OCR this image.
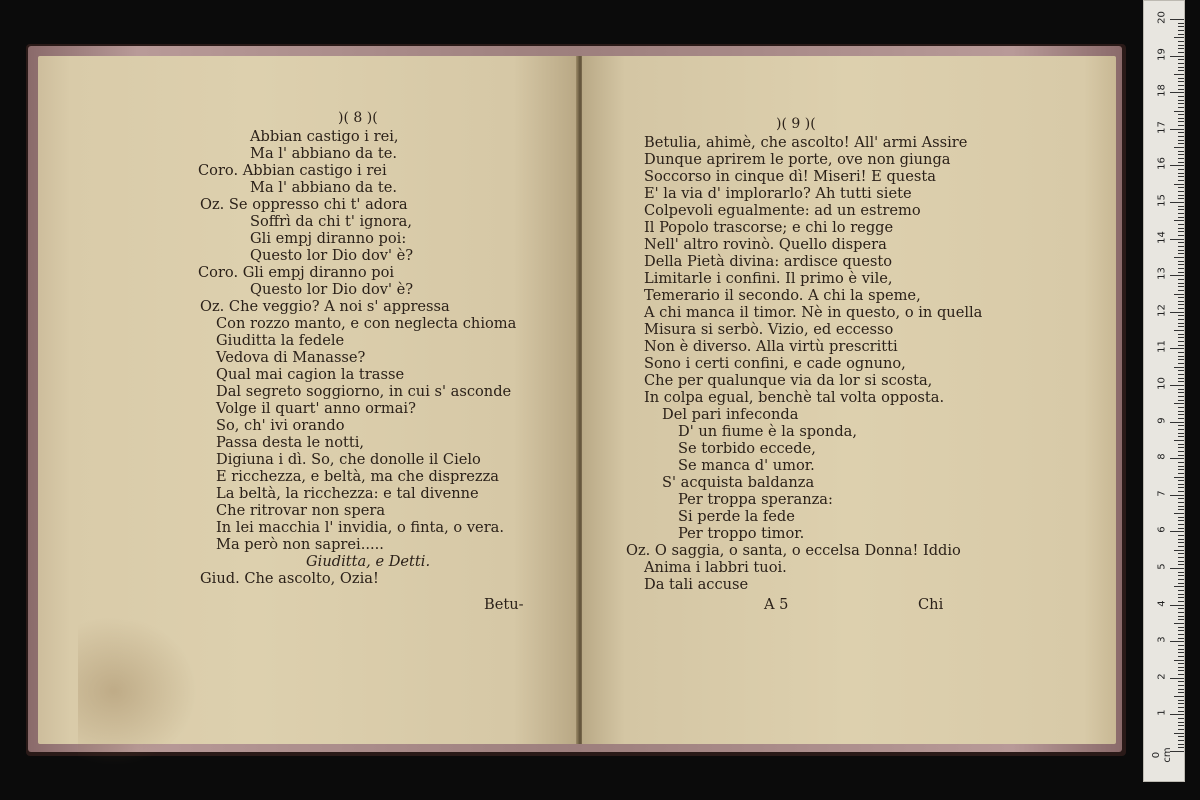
)( 8 )(
Abbian castigo i rei,
Ma l' abbiano da te.
Coro. Abbian castigo i rei
Ma l' abbiano da te.
Oz. Se oppresso chi t' adora
Soffrì da chi t' ignora,
Gli empj diranno poi:
Questo lor Dio dov' è?
Coro. Gli empj diranno poi
Questo lor Dio dov' è?
Oz. Che veggio? A noi s' appressa
Con rozzo manto, e con neglecta chioma
Giuditta la fedele
Vedova di Manasse?
Qual mai cagion la trasse
Dal segreto soggiorno, in cui s' asconde
Volge il quart' anno ormai?
So, ch' ivi orando
Passa desta le notti,
Digiuna i dì. So, che donolle il Cielo
E ricchezza, e beltà, ma che disprezza
La beltà, la ricchezza: e tal divenne
Che ritrovar non spera
In lei macchia l' invidia, o finta, o vera.
Ma però non saprei.....
Giuditta, e Detti.
Giud. Che ascolto, Ozia!
Betu-
)( 9 )(
Betulia, ahimè, che ascolto! All' armi Assire
Dunque aprirem le porte, ove non giunga
Soccorso in cinque dì! Miseri! E questa
E' la via d' implorarlo? Ah tutti siete
Colpevoli egualmente: ad un estremo
Il Popolo trascorse; e chi lo regge
Nell' altro rovinò. Quello dispera
Della Pietà divina: ardisce questo
Limitarle i confini. Il primo è vile,
Temerario il secondo. A chi la speme,
A chi manca il timor. Nè in questo, o in quella
Misura si serbò. Vizio, ed eccesso
Non è diverso. Alla virtù prescritti
Sono i certi confini, e cade ognuno,
Che per qualunque via da lor si scosta,
In colpa egual, benchè tal volta opposta.
Del pari infeconda
D' un fiume è la sponda,
Se torbido eccede,
Se manca d' umor.
S' acquista baldanza
Per troppa speranza:
Si perde la fede
Per troppo timor.
Oz. O saggia, o santa, o eccelsa Donna! Iddio
Anima i labbri tuoi.
Da tali accuse
A 5	Chi
0 cm
1
2
3
4
5
6
7
8
9
10
11
12
13
14
15
16
17
18
19
20
